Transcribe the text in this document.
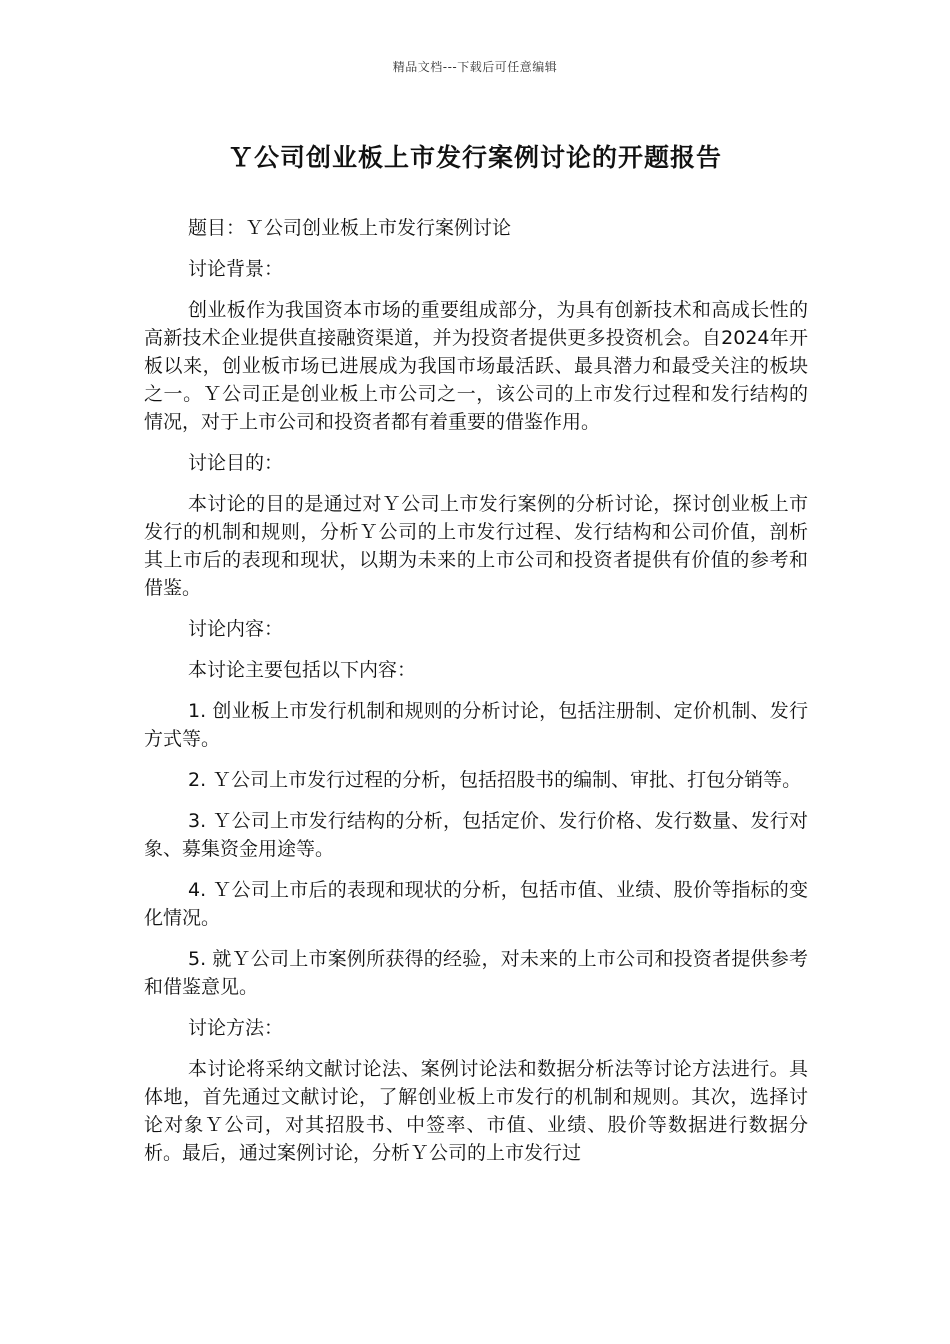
精品文档---下载后可任意编辑
Ｙ公司创业板上市发行案例讨论的开题报告

题目：Ｙ公司创业板上市发行案例讨论

讨论背景：

创业板作为我国资本市场的重要组成部分，为具有创新技术和高成长性的高新技术企业提供直接融资渠道，并为投资者提供更多投资机会。自2024年开板以来，创业板市场已进展成为我国市场最活跃、最具潜力和最受关注的板块之一。Ｙ公司正是创业板上市公司之一，该公司的上市发行过程和发行结构的情况，对于上市公司和投资者都有着重要的借鉴作用。

讨论目的：

本讨论的目的是通过对Ｙ公司上市发行案例的分析讨论，探讨创业板上市发行的机制和规则，分析Ｙ公司的上市发行过程、发行结构和公司价值，剖析其上市后的表现和现状，以期为未来的上市公司和投资者提供有价值的参考和借鉴。

讨论内容：

本讨论主要包括以下内容：

1. 创业板上市发行机制和规则的分析讨论，包括注册制、定价机制、发行方式等。

2. Ｙ公司上市发行过程的分析，包括招股书的编制、审批、打包分销等。

3. Ｙ公司上市发行结构的分析，包括定价、发行价格、发行数量、发行对象、募集资金用途等。

4. Ｙ公司上市后的表现和现状的分析，包括市值、业绩、股价等指标的变化情况。

5. 就Ｙ公司上市案例所获得的经验，对未来的上市公司和投资者提供参考和借鉴意见。

讨论方法：

本讨论将采纳文献讨论法、案例讨论法和数据分析法等讨论方法进行。具体地，首先通过文献讨论，了解创业板上市发行的机制和规则。其次，选择讨论对象Ｙ公司，对其招股书、中签率、市值、业绩、股价等数据进行数据分析。最后，通过案例讨论，分析Ｙ公司的上市发行过
